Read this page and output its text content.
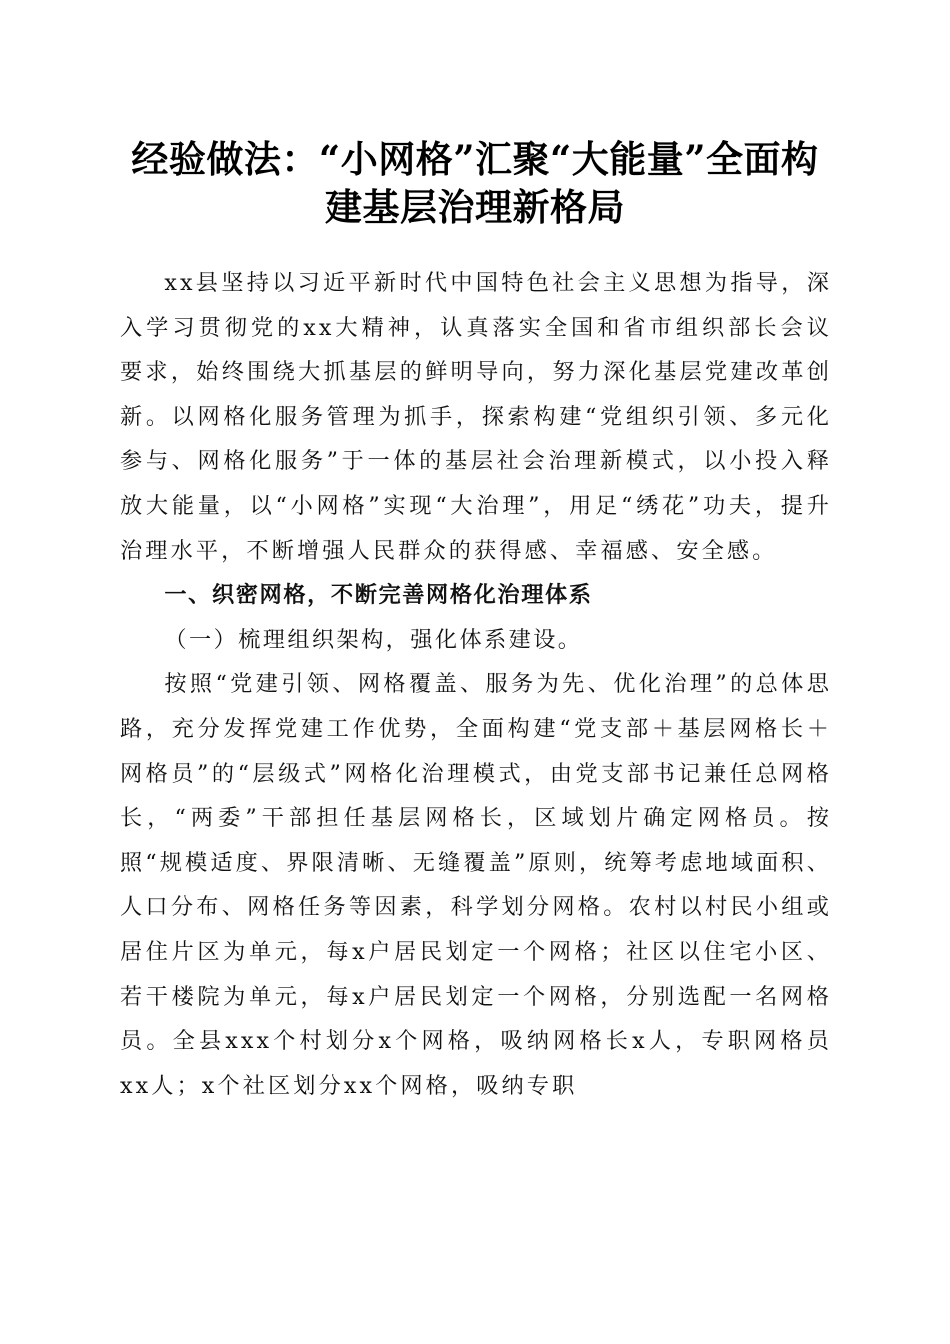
经验做法：“小网格”汇聚“大能量”全面构
建基层治理新格局

xx县坚持以习近平新时代中国特色社会主义思想为指导，深入学习贯彻党的xx大精神，认真落实全国和省市组织部长会议要求，始终围绕大抓基层的鲜明导向，努力深化基层党建改革创新。以网格化服务管理为抓手，探索构建“党组织引领、多元化参与、网格化服务”于一体的基层社会治理新模式，以小投入释放大能量，以“小网格”实现“大治理”，用足“绣花”功夫，提升治理水平，不断增强人民群众的获得感、幸福感、安全感。

一、织密网格，不断完善网格化治理体系

（一）梳理组织架构，强化体系建设。

按照“党建引领、网格覆盖、服务为先、优化治理”的总体思路，充分发挥党建工作优势，全面构建“党支部＋基层网格长＋网格员”的“层级式”网格化治理模式，由党支部书记兼任总网格长，“两委”干部担任基层网格长，区域划片确定网格员。按照“规模适度、界限清晰、无缝覆盖”原则，统筹考虑地域面积、人口分布、网格任务等因素，科学划分网格。农村以村民小组或居住片区为单元，每x户居民划定一个网格；社区以住宅小区、若干楼院为单元，每x户居民划定一个网格，分别选配一名网格员。全县xxx个村划分x个网格，吸纳网格长x人，专职网格员xx人；x个社区划分xx个网格，吸纳专职
